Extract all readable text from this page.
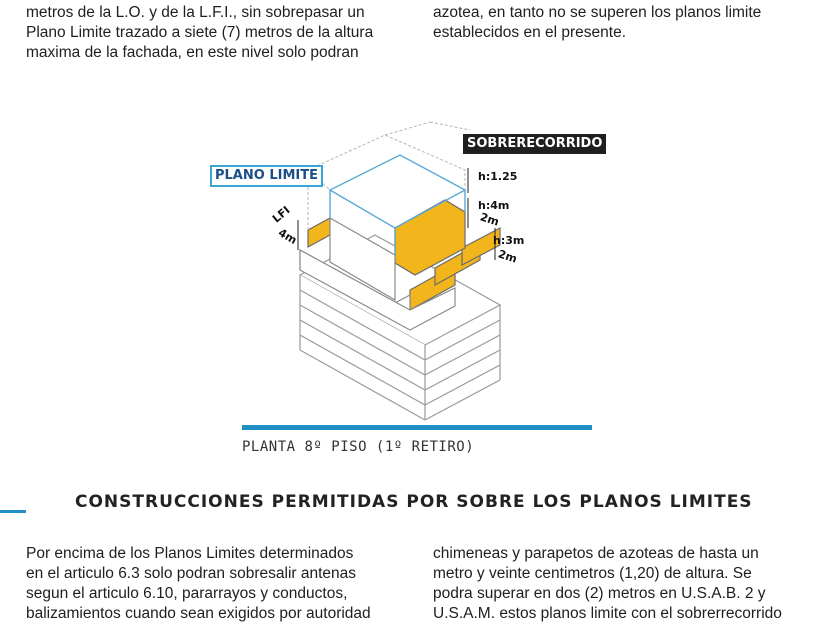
metros de la L.O. y de la L.F.I., sin sobrepasar un
Plano Limite trazado a siete (7) metros de la altura
maxima de la fachada, en este nivel solo podran
azotea, en tanto no se superen los planos limite
establecidos en el presente.
PLANO LIMITE
SOBRERECORRIDO
h:1.25
h:4m
2m
h:3m
2m
LFI
4m
PLANTA 8º PISO (1º RETIRO)
CONSTRUCCIONES PERMITIDAS POR SOBRE LOS PLANOS LIMITES
Por encima de los Planos Limites determinados
en el articulo 6.3 solo podran sobresalir antenas
segun el articulo 6.10, pararrayos y conductos,
balizamientos cuando sean exigidos por autoridad
chimeneas y parapetos de azoteas de hasta un
metro y veinte centimetros (1,20) de altura. Se
podra superar en dos (2) metros en U.S.A.B. 2 y
U.S.A.M. estos planos limite con el sobrerrecorrido
